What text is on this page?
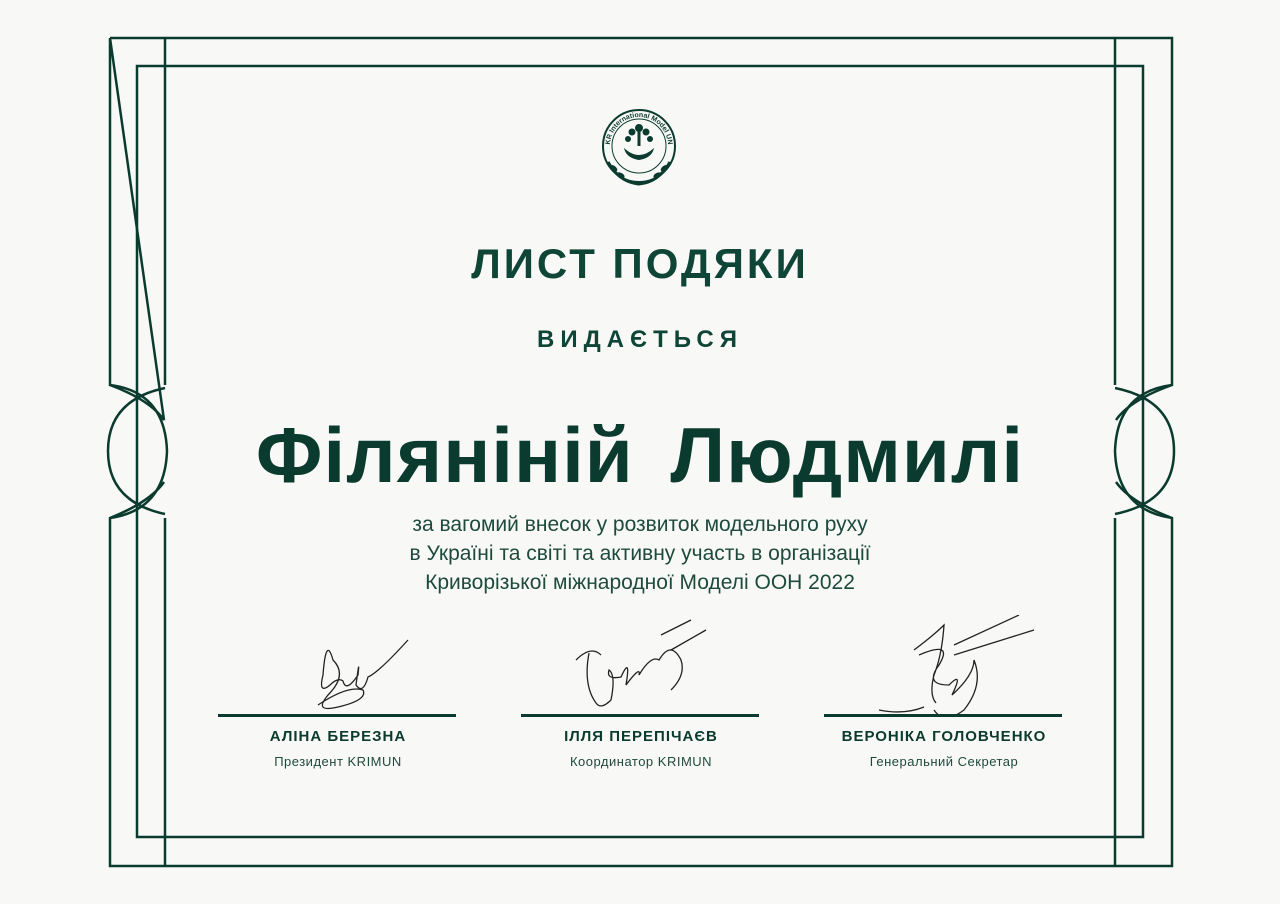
KR International Model UN
ЛИСТ ПОДЯКИ
ВИДАЄТЬСЯ
Філяніній Людмилі
за вагомий внесок у розвиток модельного руху
в Україні та світі та активну участь в організації
Криворізької міжнародної Моделі ООН 2022
АЛІНА БЕРЕЗНА
Президент KRIMUN
ІЛЛЯ ПЕРЕПІЧАЄВ
Координатор KRIMUN
ВЕРОНІКА ГОЛОВЧЕНКО
Генеральний Секретар
